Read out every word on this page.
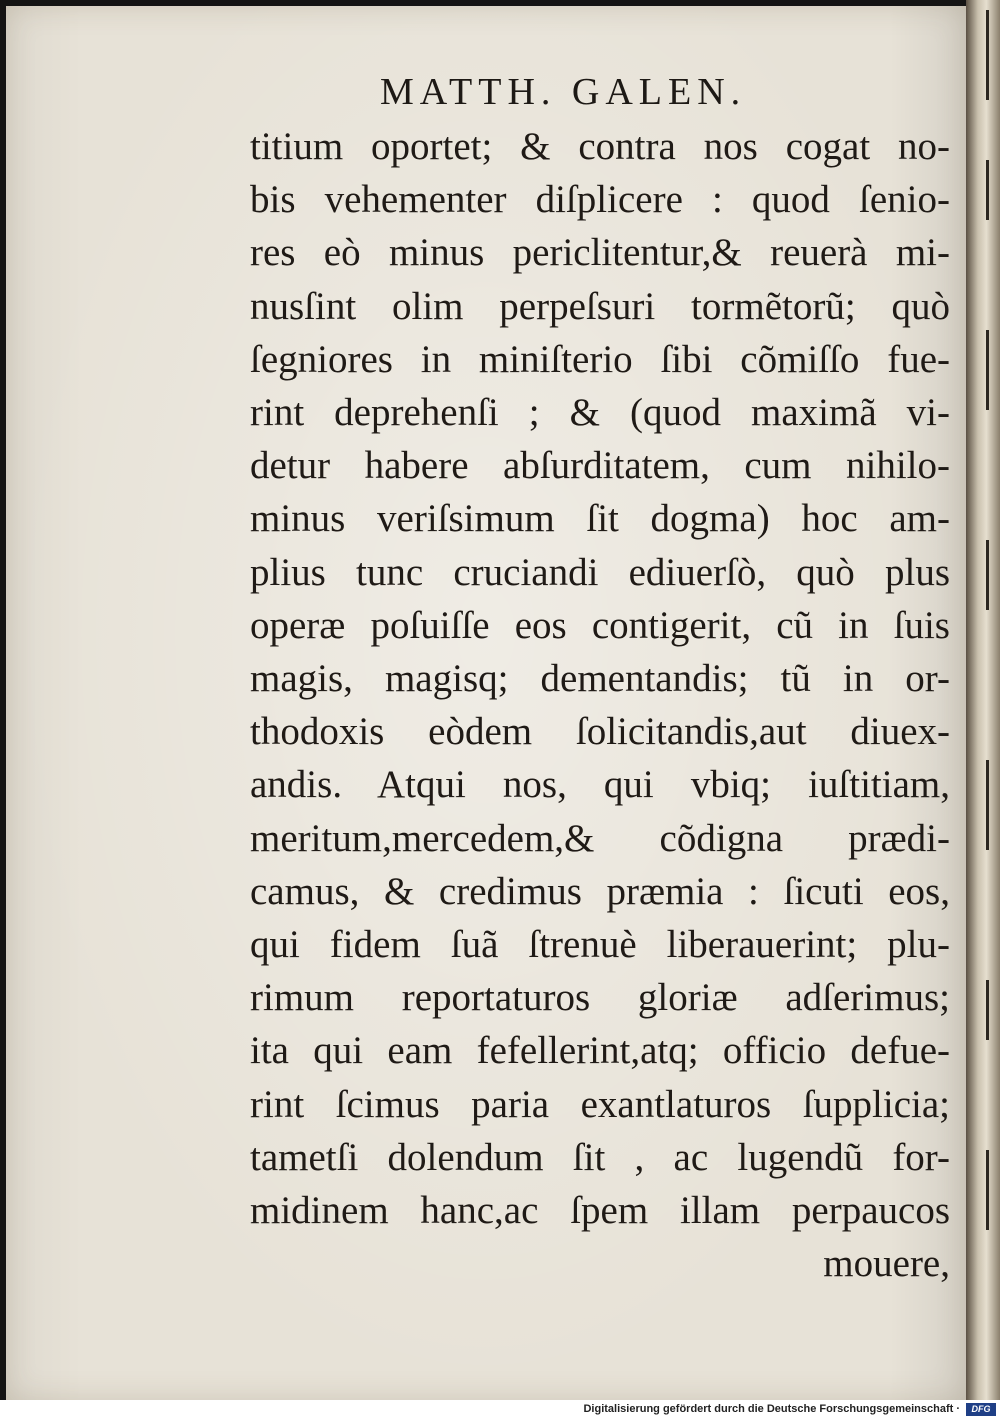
MATTH. GALEN.
titium oportet; & contra nos cogat no-
bis vehementer diſplicere : quod ſenio-
res eò minus periclitentur,& reuerà mi-
nusſint olim perpeſsuri tormẽtorũ; quò
ſegniores in miniſterio ſibi cõmiſſo fue-
rint deprehenſi ; & (quod maximã vi-
detur habere abſurditatem, cum nihilo-
minus veriſsimum ſit dogma) hoc am-
plius tunc cruciandi ediuerſò, quò plus
operæ poſuiſſe eos contigerit, cũ in ſuis
magis, magisq; dementandis; tũ in or-
thodoxis eòdem ſolicitandis,aut diuex-
andis. Atqui nos, qui vbiq; iuſtitiam,
meritum,mercedem,& cõdigna prædi-
camus, & credimus præmia : ſicuti eos,
qui fidem ſuã ſtrenuè liberauerint; plu-
rimum reportaturos gloriæ adſerimus;
ita qui eam fefellerint,atq; officio defue-
rint ſcimus paria exantlaturos ſupplicia;
tametſi dolendum ſit , ac lugendũ for-
midinem hanc,ac ſpem illam perpaucos
mouere,
Digitalisierung gefördert durch die Deutsche Forschungsgemeinschaft ·	DFG
